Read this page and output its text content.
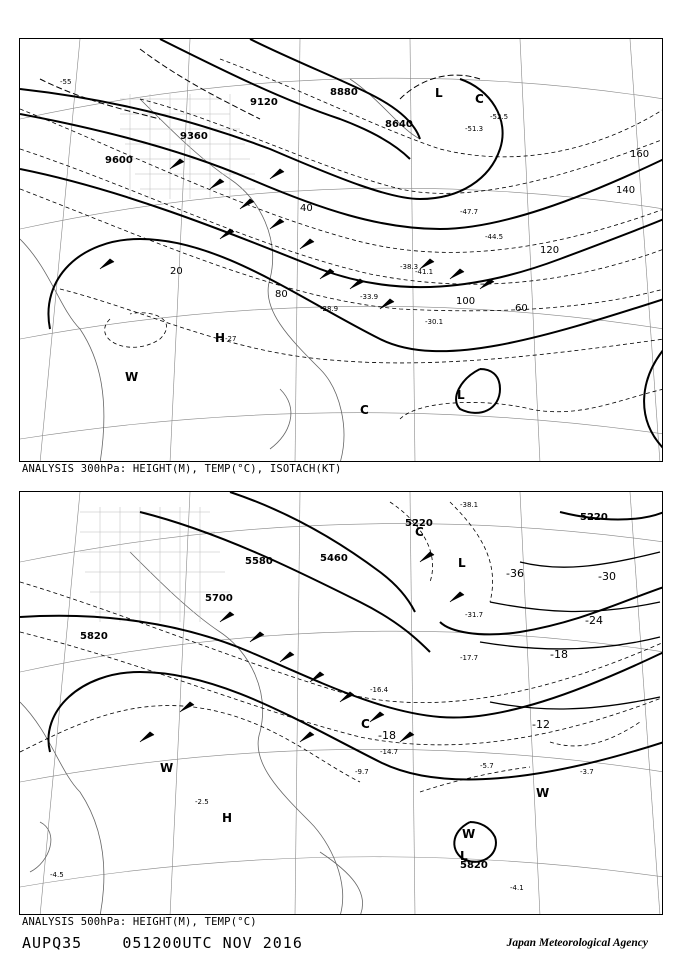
9600
9360
9120
8880
8640
20
40
60
80
100
120
140
160
-27
-28.9
-30.1
-33.9
-38.3
-41.1
-44.5
-47.7
-51.3
-52.5
-55
L	C
H
W
L
C
ANALYSIS 300hPa: HEIGHT(M), TEMP(°C), ISOTACH(KT)
5820
5700
5580	5460
5220
5220
5820
-30
-24
-18
-18
-12
-36
-5.7
-4.1
-2.5
-14.7
-16.4
-17.7
-9.7	-3.7
-4.5
-38.1
-31.7
L
C
C
W
H
W
L
W
ANALYSIS 500hPa: HEIGHT(M), TEMP(°C)
AUPQ35	051200UTC NOV 2016	Japan Meteorological Agency
